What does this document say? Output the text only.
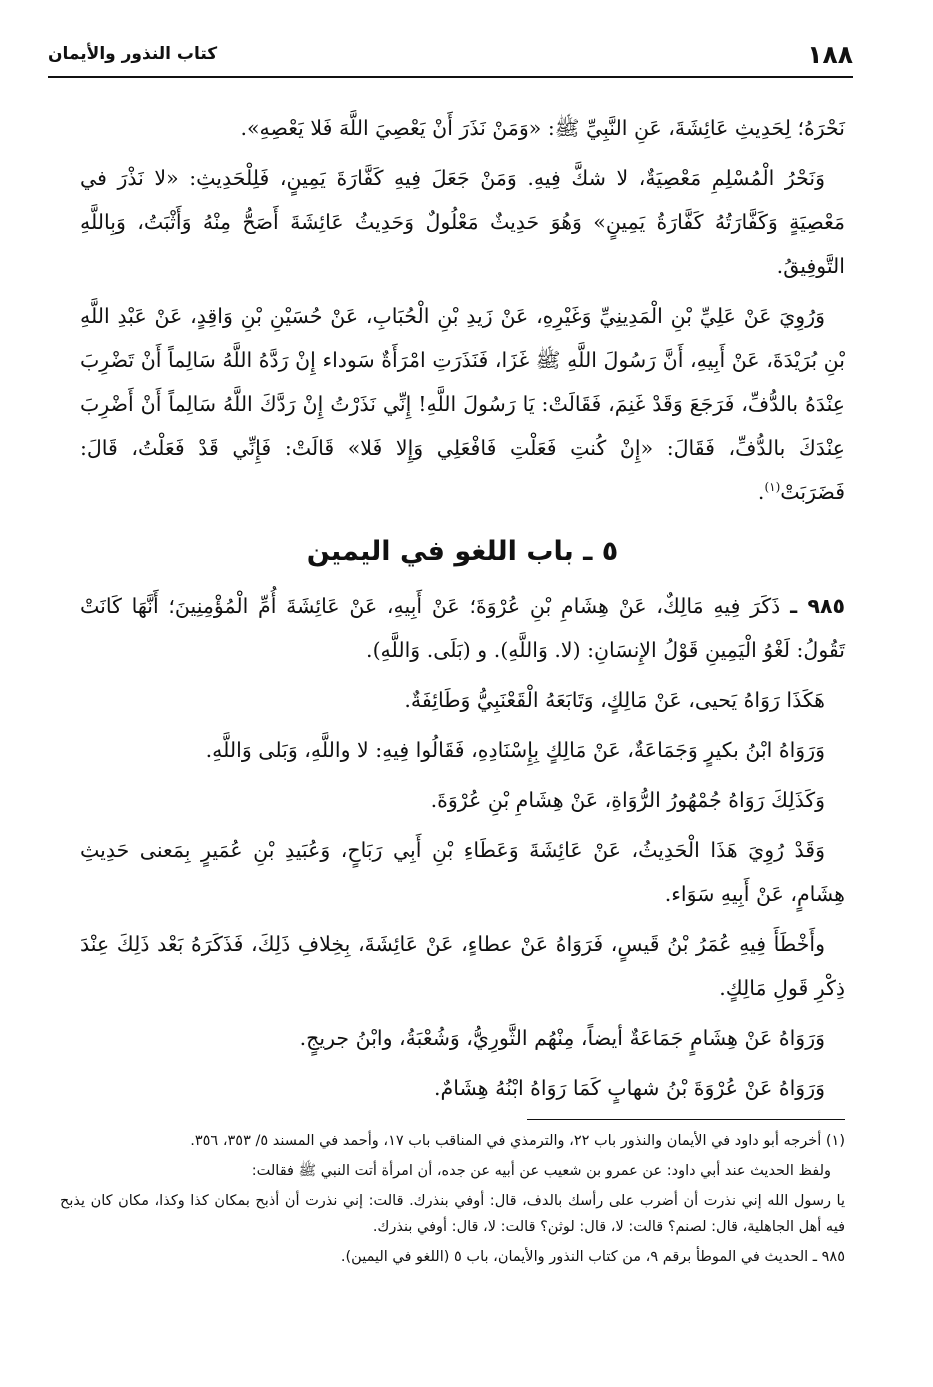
١٨٨
كتاب النذور والأيمان

نَحْرَهُ؛ لِحَدِيثِ عَائِشَةَ، عَنِ النَّبِيِّ ﷺ: «وَمَنْ نَذَرَ أَنْ يَعْصِيَ اللَّهَ فَلا يَعْصِهِ».

وَنَحْرُ الْمُسْلِمِ مَعْصِيَةٌ، لا شكَّ فِيهِ. وَمَنْ جَعَلَ فِيهِ كَفَّارَةَ يَمِينٍ، فَلِلْحَدِيثِ: «لا نَذْرَ في مَعْصِيَةٍ وَكَفَّارَتُهُ كَفَّارَةُ يَمِينٍ» وَهُوَ حَدِيثٌ مَعْلُولٌ وَحَدِيثُ عَائِشَةَ أَصَحُّ مِنْهُ وَأَثْبَتُ، وَبِاللَّهِ التَّوفِيقُ.

وَرُوِيَ عَنْ عَلِيِّ بْنِ الْمَدِينِيِّ وَغَيْرِهِ، عَنْ زَيدِ بْنِ الْحُبَابِ، عَنْ حُسَيْنِ بْنِ وَاقِدٍ، عَنْ عَبْدِ اللَّهِ بْنِ بُرَيْدَةَ، عَنْ أَبِيهِ، أَنَّ رَسُولَ اللَّهِ ﷺ غَزَا، فَنَذَرَتِ امْرَأَةٌ سَوداء إِنْ رَدَّهُ اللَّهُ سَالِماً أَنْ تَضْرِبَ عِنْدَهُ بالدُّفِّ، فَرَجَعَ وَقَدْ غَنِمَ، فَقَالَتْ: يَا رَسُولَ اللَّهِ! إِنِّي نَذَرْتُ إِنْ رَدَّكَ اللَّهُ سَالِماً أَنْ أَضْرِبَ عِنْدَكَ بالدُّفِّ، فَقَالَ: «إِنْ كُنتِ فَعَلْتِ فَافْعَلِي وَإِلا فَلا» قَالَتْ: فَإِنِّي قَدْ فَعَلْتُ، قَالَ: فَضَرَبَتْ$^{(١)}$.

٥ ـ باب اللغو في اليمين

٩٨٥ ـ ذَكَرَ فِيهِ مَالِكٌ، عَنْ هِشَامِ بْنِ عُرْوَةَ؛ عَنْ أَبِيهِ، عَنْ عَائِشَةَ أُمِّ الْمُؤْمِنِينَ؛ أَنَّهَا كَانَتْ تَقُولُ: لَغْوُ الْيَمِينِ قَوْلُ الإِنسَانِ: (لا. وَاللَّهِ). و (بَلَى. وَاللَّهِ).

هَكَذَا رَوَاهُ يَحيى، عَنْ مَالِكٍ، وَتَابَعَهُ الْقَعْنَبِيُّ وَطَائِفَةٌ.

وَرَوَاهُ ابْنُ بكيرٍ وَجَمَاعَةٌ، عَنْ مَالِكٍ بِإِسْنَادِهِ، فَقَالُوا فِيهِ: لا واللَّهِ، وَبَلى وَاللَّهِ.

وَكَذَلِكَ رَوَاهُ جُمْهُورُ الرُّوَاةِ، عَنْ هِشَامِ بْنِ عُرْوَةَ.

وَقَدْ رُوِيَ هَذَا الْحَدِيثُ، عَنْ عَائِشَةَ وَعَطَاءِ بْنِ أَبِي رَبَاحٍ، وَعُبَيدِ بْنِ عُمَيرٍ بِمَعنى حَدِيثِ هِشَامٍ، عَنْ أَبِيهِ سَوَاء.

وأَخْطَأَ فِيهِ عُمَرُ بْنُ قَيسٍ، فَرَوَاهُ عَنْ عطاءٍ، عَنْ عَائِشَةَ، بِخِلافِ ذَلِكَ، فَذَكَرَهُ بَعْد ذَلِكَ عِنْدَ ذِكْرِ قَولِ مَالِكٍ.

وَرَوَاهُ عَنْ هِشَامٍ جَمَاعَةٌ أيضاً، مِنْهُم الثَّورِيُّ، وَشُعْبَةُ، وابْنُ جريجٍ.

وَرَوَاهُ عَنْ عُرْوَةَ بْنُ شهابٍ كَمَا رَوَاهُ ابْنُهُ هِشَامٌ.

(١) أخرجه أبو داود في الأيمان والنذور باب ٢٢، والترمذي في المناقب باب ١٧، وأحمد في المسند ٥/ ٣٥٣، ٣٥٦.

ولفظ الحديث عند أبي داود: عن عمرو بن شعيب عن أبيه عن جده، أن امرأة أتت النبي ﷺ فقالت:

يا رسول الله إني نذرت أن أضرب على رأسك بالدف، قال: أوفي بنذرك. قالت: إني نذرت أن أذبح بمكان كذا وكذا، مكان كان يذبح فيه أهل الجاهلية، قال: لصنم؟ قالت: لا، قال: لوثن؟ قالت: لا، قال: أوفي بنذرك.

٩٨٥ ـ الحديث في الموطأ برقم ٩، من كتاب النذور والأيمان، باب ٥ (اللغو في اليمين).
